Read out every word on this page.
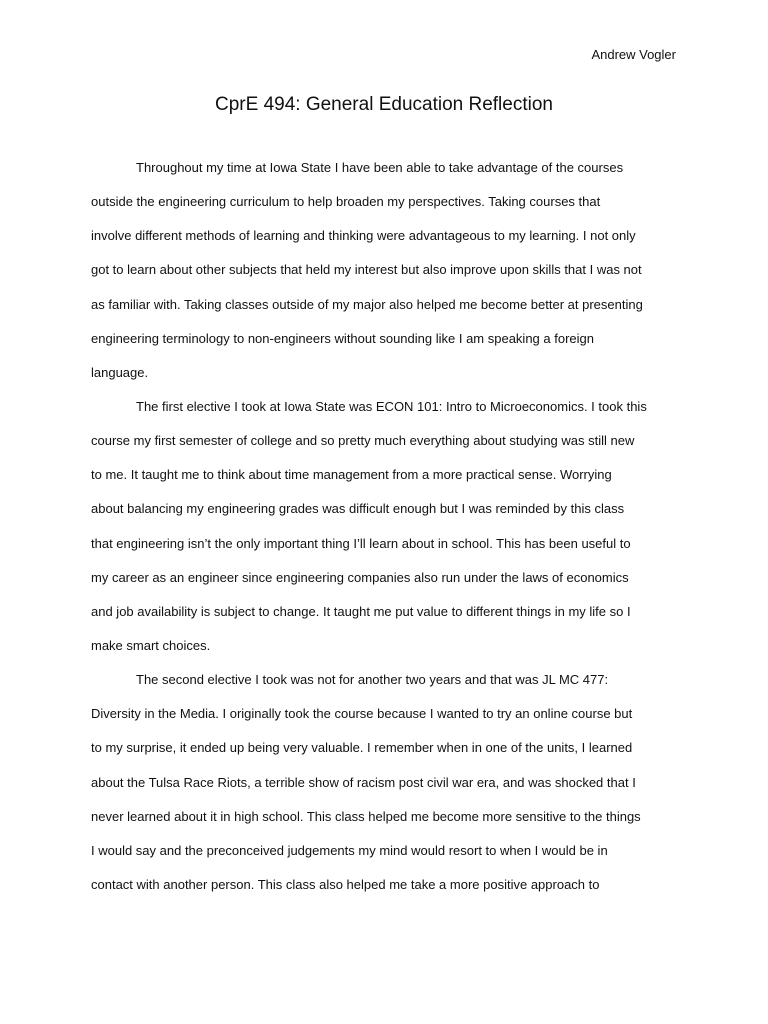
Andrew Vogler
CprE 494: General Education Reflection
Throughout my time at Iowa State I have been able to take advantage of the courses
outside the engineering curriculum to help broaden my perspectives. Taking courses that
involve different methods of learning and thinking were advantageous to my learning. I not only
got to learn about other subjects that held my interest but also improve upon skills that I was not
as familiar with. Taking classes outside of my major also helped me become better at presenting
engineering terminology to non-engineers without sounding like I am speaking a foreign
language.
The first elective I took at Iowa State was ECON 101: Intro to Microeconomics. I took this
course my first semester of college and so pretty much everything about studying was still new
to me. It taught me to think about time management from a more practical sense. Worrying
about balancing my engineering grades was difficult enough but I was reminded by this class
that engineering isn’t the only important thing I’ll learn about in school. This has been useful to
my career as an engineer since engineering companies also run under the laws of economics
and job availability is subject to change. It taught me put value to different things in my life so I
make smart choices.
The second elective I took was not for another two years and that was JL MC 477:
Diversity in the Media. I originally took the course because I wanted to try an online course but
to my surprise, it ended up being very valuable. I remember when in one of the units, I learned
about the Tulsa Race Riots, a terrible show of racism post civil war era, and was shocked that I
never learned about it in high school. This class helped me become more sensitive to the things
I would say and the preconceived judgements my mind would resort to when I would be in
contact with another person. This class also helped me take a more positive approach to
